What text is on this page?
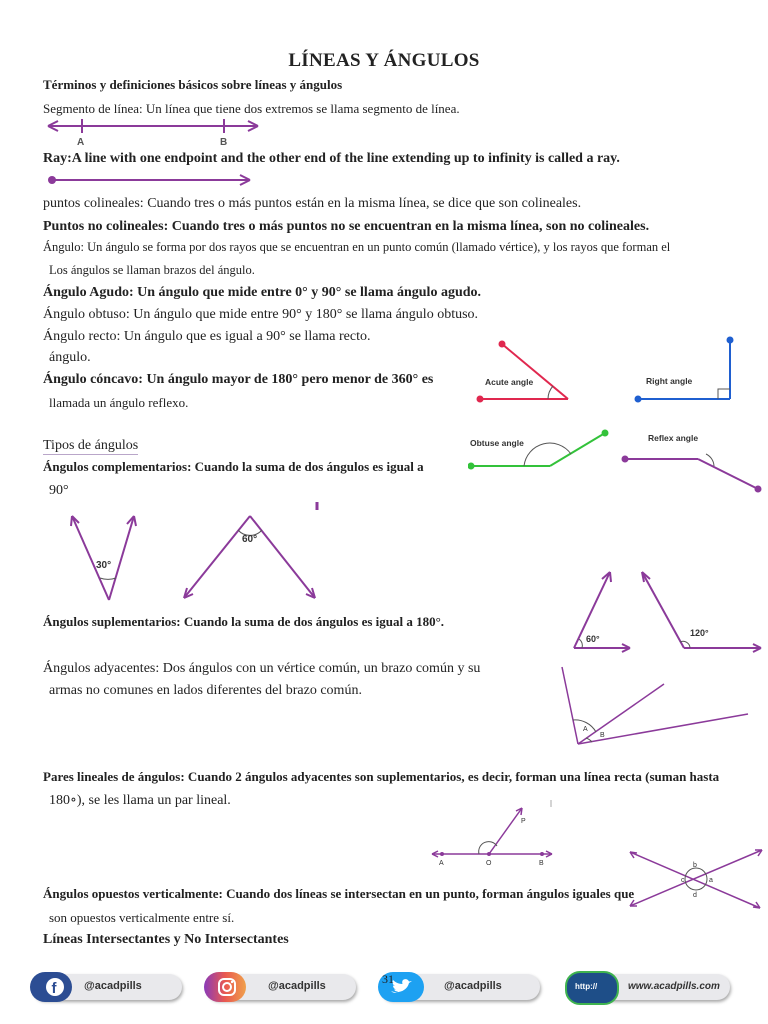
LÍNEAS Y ÁNGULOS
Términos y definiciones básicos sobre líneas y ángulos
Segmento de línea: Un línea que tiene dos extremos se llama segmento de línea.
A	B
Ray:A line with one endpoint and the other end of the line extending up to infinity is called a ray.
puntos colineales: Cuando tres o más puntos están en la misma línea, se dice que son colineales.
Puntos no colineales: Cuando tres o más puntos no se encuentran en la misma línea, son no colineales.
Ángulo: Un ángulo se forma por dos rayos que se encuentran en un punto común (llamado vértice), y los rayos que forman el
Los ángulos se llaman brazos del ángulo.
Ángulo Agudo: Un ángulo que mide entre 0° y 90° se llama ángulo agudo.
Ángulo obtuso: Un ángulo que mide entre 90° y 180° se llama ángulo obtuso.
Ángulo recto: Un ángulo que es igual a 90° se llama recto.
ángulo.
Ángulo cóncavo: Un ángulo mayor de 180° pero menor de 360° es
llamada un ángulo reflexo.
Acute angle	Right angle
Obtuse angle	Reflex angle
Tipos de ángulos
Ángulos complementarios: Cuando la suma de dos ángulos es igual a
90°
30°
60°
Ángulos suplementarios: Cuando la suma de dos ángulos es igual a 180°.
60°
120°
Ángulos adyacentes: Dos ángulos con un vértice común, un brazo común y su
armas no comunes en lados diferentes del brazo común.
A
B
Pares lineales de ángulos: Cuando 2 ángulos adyacentes son suplementarios, es decir, forman una línea recta (suman hasta
180∘), se les llama un par lineal.
A	O	B
P
b
c	a
d
Ángulos opuestos verticalmente: Cuando dos líneas se intersectan en un punto, forman ángulos iguales que
son opuestos verticalmente entre sí.
Líneas Intersectantes y No Intersectantes
f	@acadpills	@acadpills	31	@acadpills	http://	www.acadpills.com
